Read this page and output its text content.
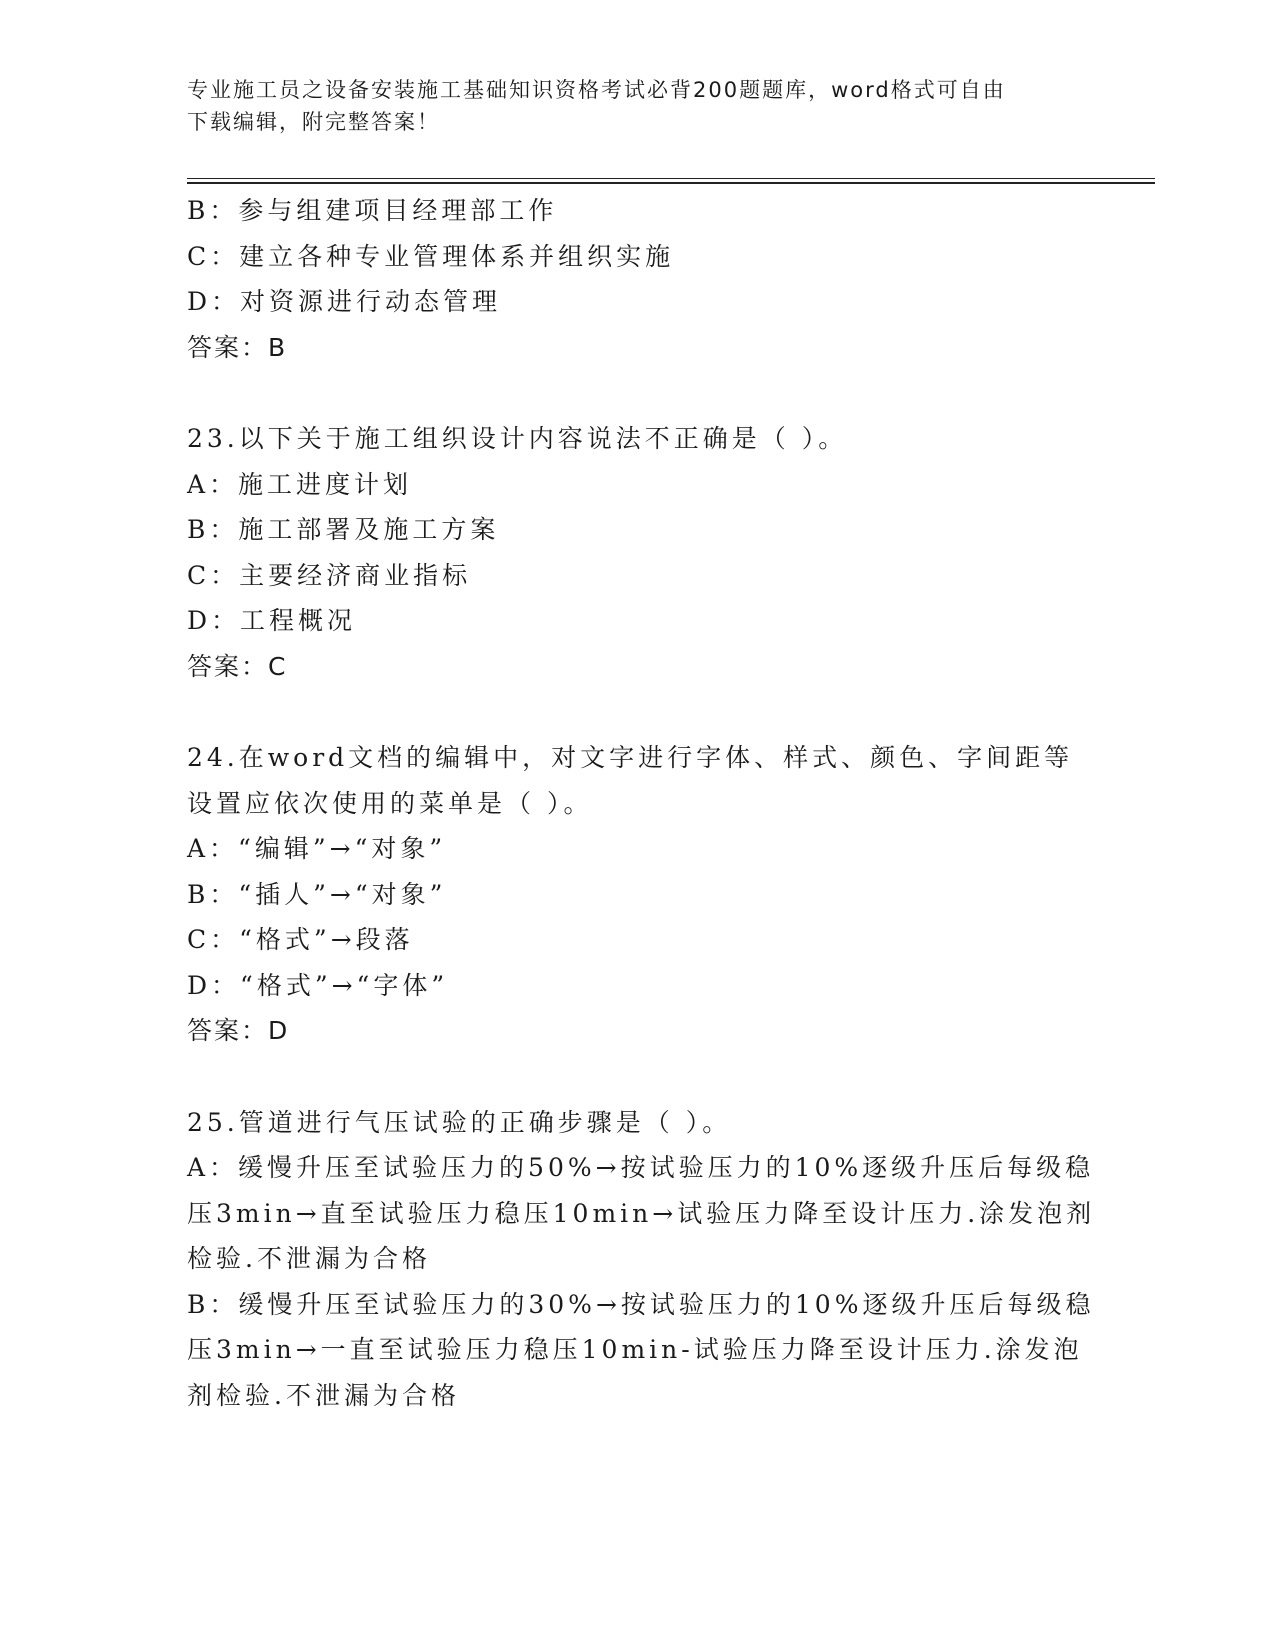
专业施工员之设备安装施工基础知识资格考试必背200题题库，word格式可自由
下载编辑，附完整答案！
B：参与组建项目经理部工作
C：建立各种专业管理体系并组织实施
D：对资源进行动态管理
答案：B
23.以下关于施工组织设计内容说法不正确是（ ）。
A：施工进度计划
B：施工部署及施工方案
C：主要经济商业指标
D：工程概况
答案：C
24.在word文档的编辑中，对文字进行字体、样式、颜色、字间距等
设置应依次使用的菜单是（ ）。
A：“编辑”→“对象”
B：“插人”→“对象”
C：“格式”→段落
D：“格式”→“字体”
答案：D
25.管道进行气压试验的正确步骤是（ ）。
A：缓慢升压至试验压力的50%→按试验压力的10%逐级升压后每级稳
压3min→直至试验压力稳压10min→试验压力降至设计压力.涂发泡剂
检验.不泄漏为合格
B：缓慢升压至试验压力的30%→按试验压力的10%逐级升压后每级稳
压3min→一直至试验压力稳压10min-试验压力降至设计压力.涂发泡
剂检验.不泄漏为合格
